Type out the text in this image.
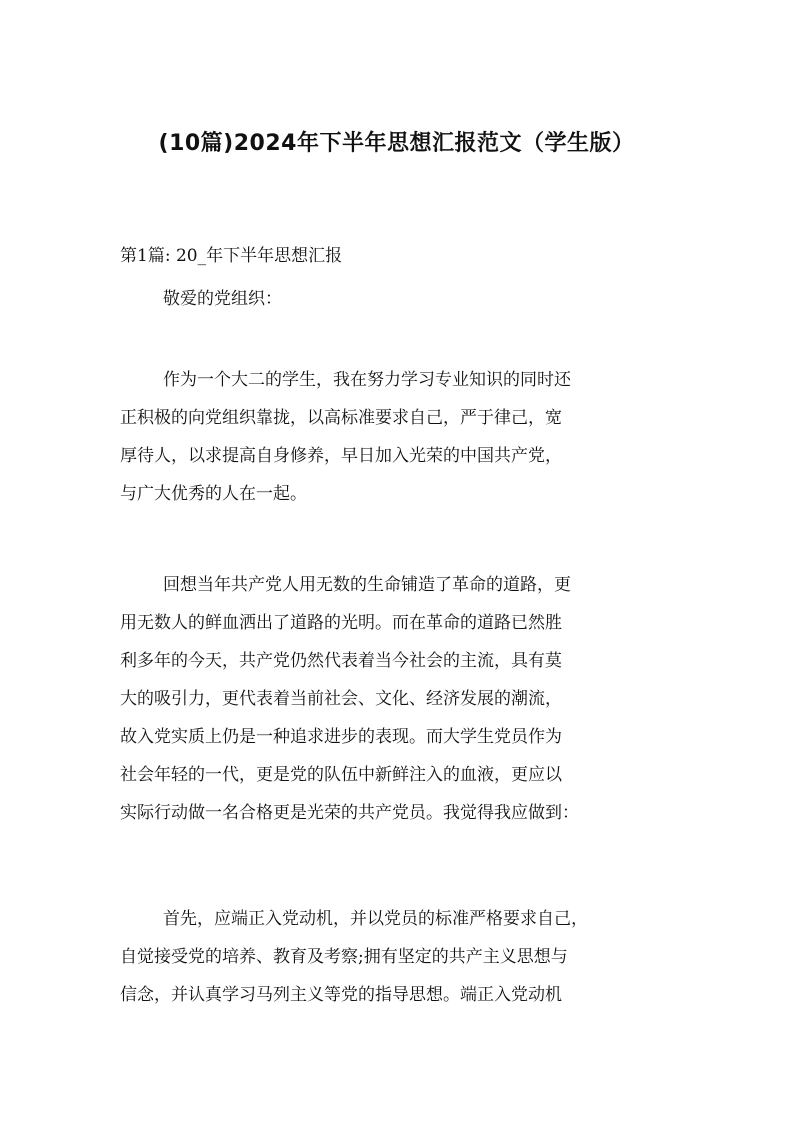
(10篇)2024年下半年思想汇报范文（学生版）
第1篇: 20_年下半年思想汇报
敬爱的党组织：
作为一个大二的学生，我在努力学习专业知识的同时还
正积极的向党组织靠拢，以高标准要求自己，严于律己，宽
厚待人，以求提高自身修养，早日加入光荣的中国共产党，
与广大优秀的人在一起。
回想当年共产党人用无数的生命铺造了革命的道路，更
用无数人的鲜血洒出了道路的光明。而在革命的道路已然胜
利多年的今天，共产党仍然代表着当今社会的主流，具有莫
大的吸引力，更代表着当前社会、文化、经济发展的潮流，
故入党实质上仍是一种追求进步的表现。而大学生党员作为
社会年轻的一代，更是党的队伍中新鲜注入的血液，更应以
实际行动做一名合格更是光荣的共产党员。我觉得我应做到：
首先，应端正入党动机，并以党员的标准严格要求自己，
自觉接受党的培养、教育及考察;拥有坚定的共产主义思想与
信念，并认真学习马列主义等党的指导思想。端正入党动机
